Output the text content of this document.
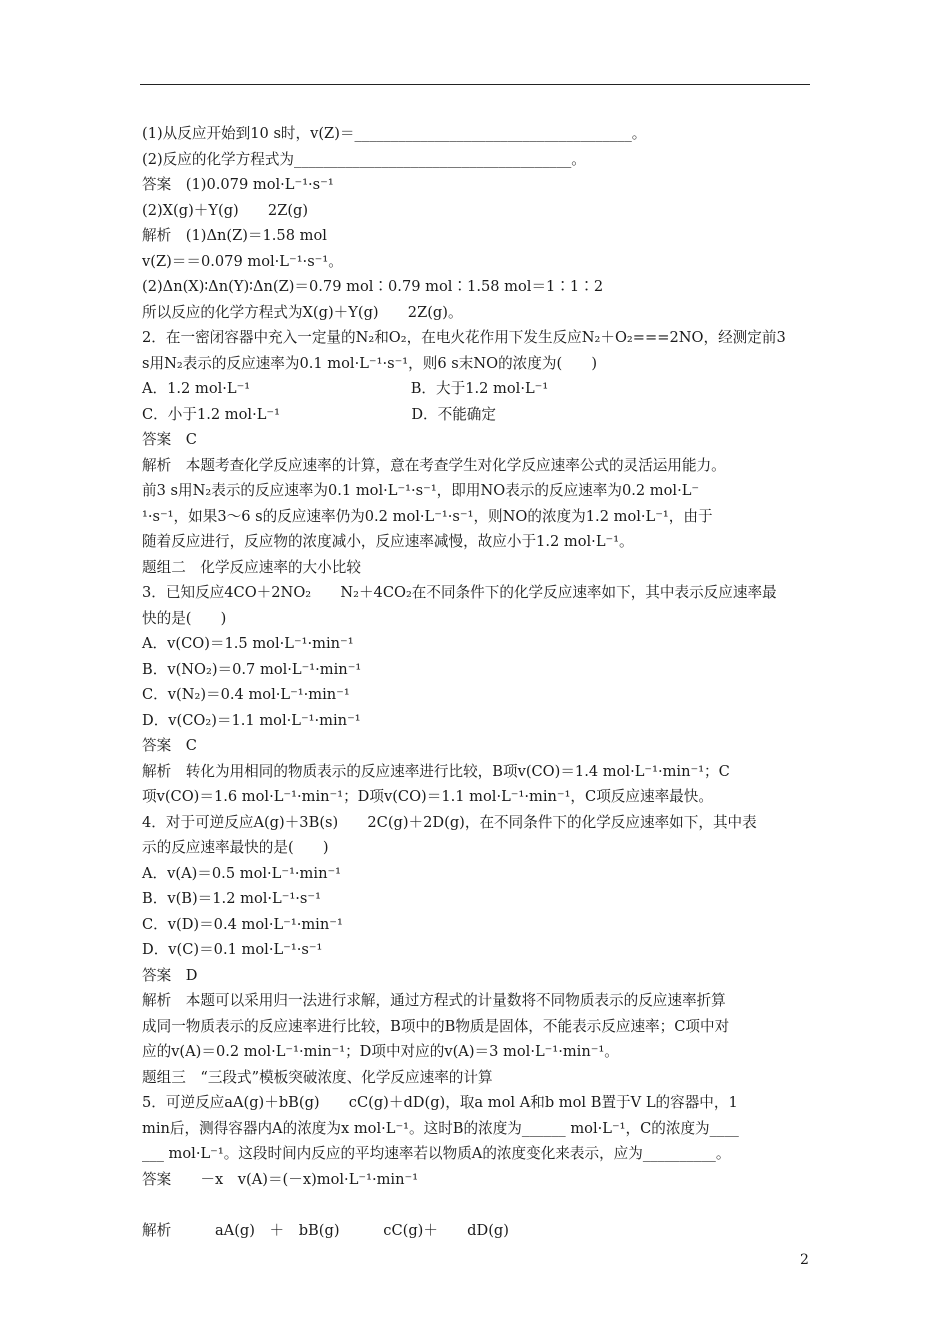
(1)从反应开始到10 s时，v(Z)＝______________________________________。
(2)反应的化学方程式为______________________________________。
答案　(1)0.079 mol·L⁻¹·s⁻¹
(2)X(g)＋Y(g)　　2Z(g)
解析　(1)Δn(Z)＝1.58 mol
v(Z)＝＝0.079 mol·L⁻¹·s⁻¹。
(2)Δn(X)∶Δn(Y)∶Δn(Z)＝0.79 mol∶0.79 mol∶1.58 mol＝1∶1∶2
所以反应的化学方程式为X(g)＋Y(g)　　2Z(g)。
2．在一密闭容器中充入一定量的N₂和O₂，在电火花作用下发生反应N₂＋O₂===2NO，经测定前3
s用N₂表示的反应速率为0.1 mol·L⁻¹·s⁻¹，则6 s末NO的浓度为(　　)
A．1.2 mol·L⁻¹　　　　　　　　　　　B．大于1.2 mol·L⁻¹
C．小于1.2 mol·L⁻¹　　　　　　　　　D．不能确定
答案　C
解析　本题考查化学反应速率的计算，意在考查学生对化学反应速率公式的灵活运用能力。
前3 s用N₂表示的反应速率为0.1 mol·L⁻¹·s⁻¹，即用NO表示的反应速率为0.2 mol·L⁻
¹·s⁻¹，如果3～6 s的反应速率仍为0.2 mol·L⁻¹·s⁻¹，则NO的浓度为1.2 mol·L⁻¹，由于
随着反应进行，反应物的浓度减小，反应速率减慢，故应小于1.2 mol·L⁻¹。
题组二　化学反应速率的大小比较
3．已知反应4CO＋2NO₂　　N₂＋4CO₂在不同条件下的化学反应速率如下，其中表示反应速率最
快的是(　　)
A．v(CO)＝1.5 mol·L⁻¹·min⁻¹
B．v(NO₂)＝0.7 mol·L⁻¹·min⁻¹
C．v(N₂)＝0.4 mol·L⁻¹·min⁻¹
D．v(CO₂)＝1.1 mol·L⁻¹·min⁻¹
答案　C
解析　转化为用相同的物质表示的反应速率进行比较，B项v(CO)＝1.4 mol·L⁻¹·min⁻¹；C
项v(CO)＝1.6 mol·L⁻¹·min⁻¹；D项v(CO)＝1.1 mol·L⁻¹·min⁻¹，C项反应速率最快。
4．对于可逆反应A(g)＋3B(s)　　2C(g)＋2D(g)，在不同条件下的化学反应速率如下，其中表
示的反应速率最快的是(　　)
A．v(A)＝0.5 mol·L⁻¹·min⁻¹
B．v(B)＝1.2 mol·L⁻¹·s⁻¹
C．v(D)＝0.4 mol·L⁻¹·min⁻¹
D．v(C)＝0.1 mol·L⁻¹·s⁻¹
答案　D
解析　本题可以采用归一法进行求解，通过方程式的计量数将不同物质表示的反应速率折算
成同一物质表示的反应速率进行比较，B项中的B物质是固体，不能表示反应速率；C项中对
应的v(A)＝0.2 mol·L⁻¹·min⁻¹；D项中对应的v(A)＝3 mol·L⁻¹·min⁻¹。
题组三　“三段式”模板突破浓度、化学反应速率的计算
5．可逆反应aA(g)＋bB(g)　　cC(g)＋dD(g)，取a mol A和b mol B置于V L的容器中，1
min后，测得容器内A的浓度为x mol·L⁻¹。这时B的浓度为______ mol·L⁻¹，C的浓度为____
___ mol·L⁻¹。这段时间内反应的平均速率若以物质A的浓度变化来表示，应为__________。
答案　　－x　v(A)＝(－x)mol·L⁻¹·min⁻¹
解析　　　aA(g)　＋　bB(g)　　　cC(g)＋　　dD(g)
2
